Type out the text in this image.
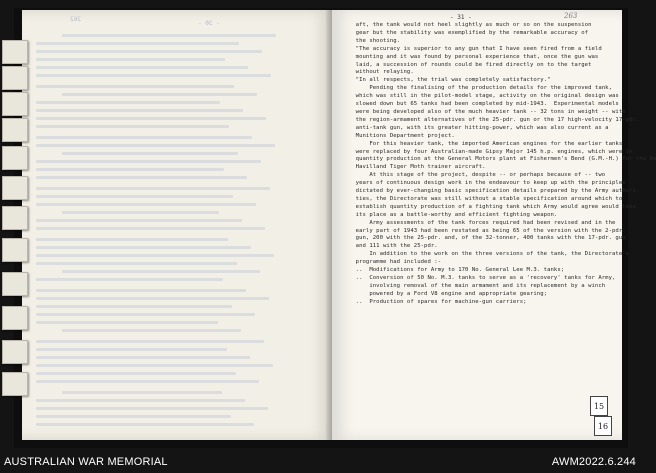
- 30 -
262	- 31 -	263
aft, the tank would not heel slightly as much or so on the suspension
gear but the stability was exemplified by the remarkable accuracy of
the shooting.
"The accuracy is superior to any gun that I have seen fired from a field
mounting and it was found by personal experience that, once the gun was
laid, a succession of rounds could be fired directly on to the target
without relaying.
"In all respects, the trial was completely satisfactory."
Pending the finalising of the production details for the improved tank,
which was still in the pilot-model stage, activity on the original design was
slowed down but 65 tanks had been completed by mid-1943.  Experimental models
were being developed also of the much heavier tank -- 32 tons in weight -- with
the region-armament alternatives of the 25-pdr. gun or the 17 high-velocity 17-pdr.
anti-tank gun, with its greater hitting-power, which was also current as a
Munitions Department project.
For this heavier tank, the imported American engines for the earlier tanks
were replaced by four Australian-made Gipsy Major 145 h.p. engines, which were in
quantity production at the General Motors plant at Fishermen's Bend (G.M.-H.) for the De
Havilland Tiger Moth trainer aircraft.
At this stage of the project, despite -- or perhaps because of -- two
years of continuous design work in the endeavour to keep up with the principles
dictated by ever-changing basic specification details prepared by the Army authori-
ties, the Directorate was still without a stable specification around which to
establish quantity production of a fighting tank which Army would agree would take
its place as a battle-worthy and efficient fighting weapon.
Army assessments of the tank forces required had been revised and in the
early part of 1943 had been restated as being 65 of the version with the 2-pdr.
gun, 200 with the 25-pdr. and, of the 32-tonner, 400 tanks with the 17-pdr. gun
and 111 with the 25-pdr.
In addition to the work on the three versions of the tank, the Directorate's
programme had included :-
..  Modifications for Army to 170 No. General Lee M.3. tanks;
..  Conversion of 50 No. M.3. tanks to serve as a 'recovery' tanks for Army,
involving removal of the main armament and its replacement by a winch
powered by a Ford V8 engine and appropriate gearing;
..  Production of spares for machine-gun carriers;
15
16
AUSTRALIAN WAR MEMORIAL	AWM2022.6.244
